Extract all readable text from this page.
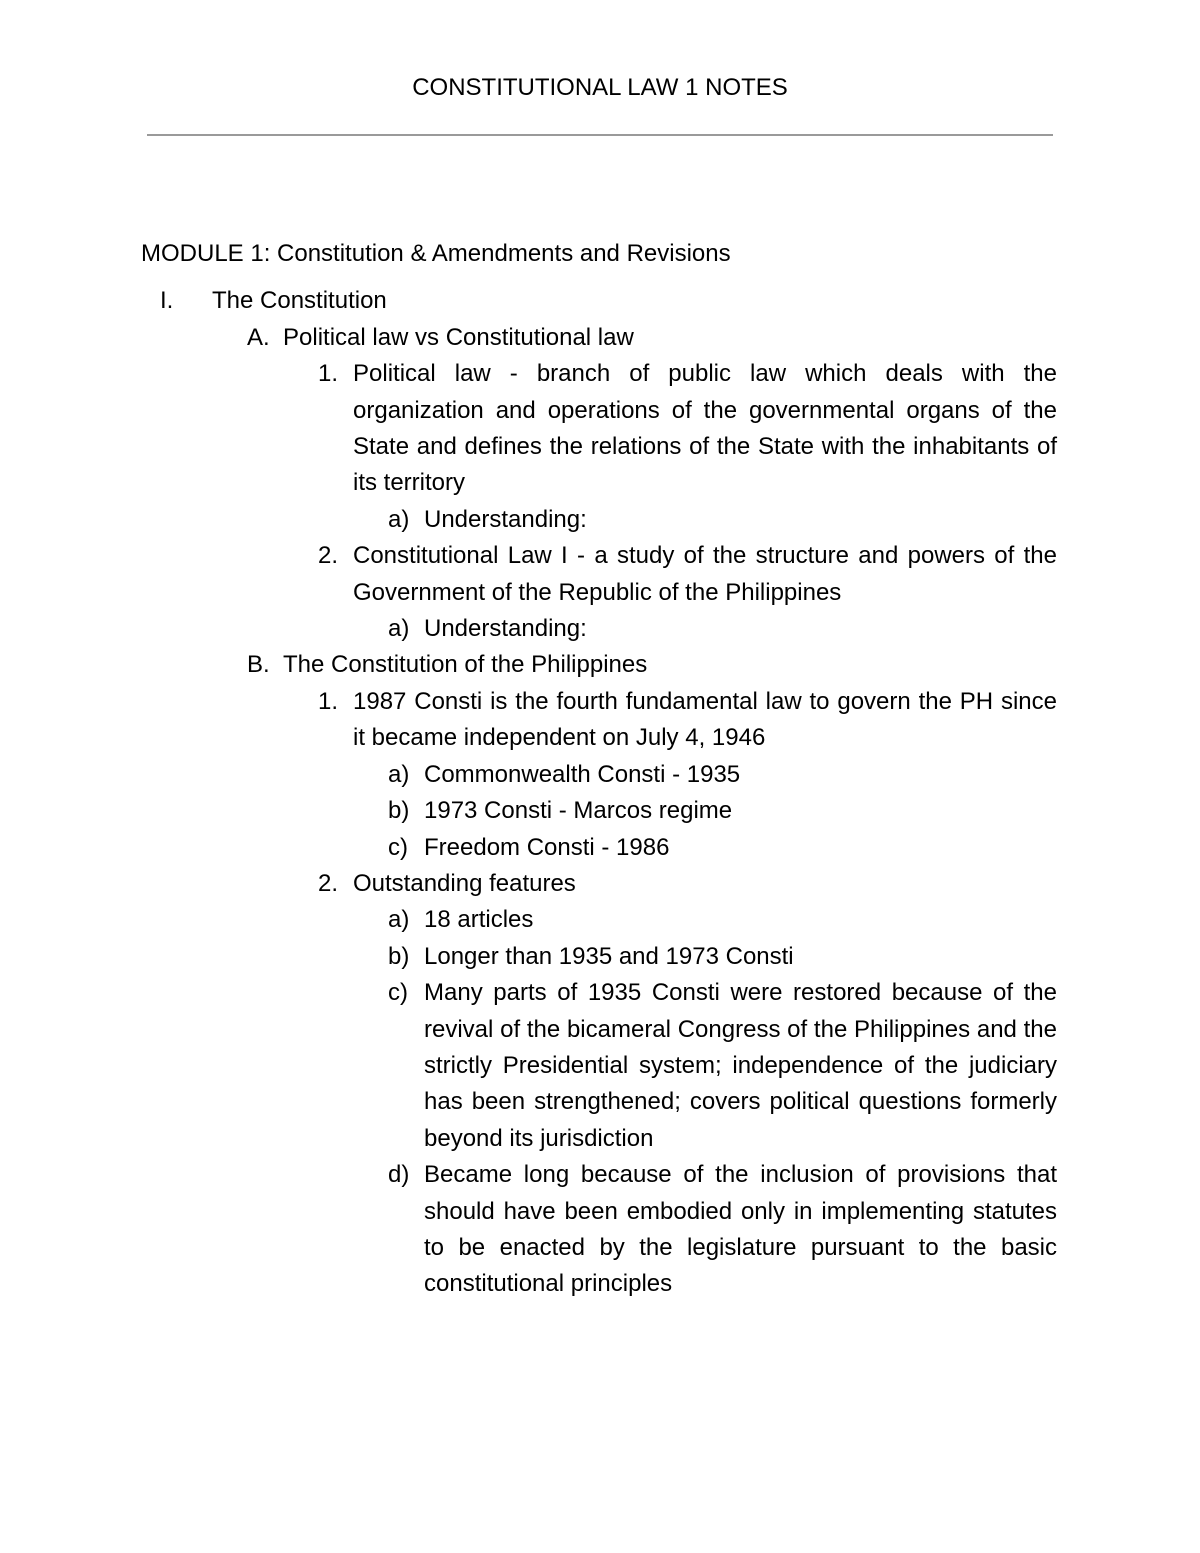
CONSTITUTIONAL LAW 1 NOTES
MODULE 1: Constitution & Amendments and Revisions
I. The Constitution
A. Political law vs Constitutional law
1. Political law - branch of public law which deals with the organization and operations of the governmental organs of the State and defines the relations of the State with the inhabitants of its territory
a) Understanding:
2. Constitutional Law I - a study of the structure and powers of the Government of the Republic of the Philippines
a) Understanding:
B. The Constitution of the Philippines
1. 1987 Consti is the fourth fundamental law to govern the PH since it became independent on July 4, 1946
a) Commonwealth Consti - 1935
b) 1973 Consti - Marcos regime
c) Freedom Consti - 1986
2. Outstanding features
a) 18 articles
b) Longer than 1935 and 1973 Consti
c) Many parts of 1935 Consti were restored because of the revival of the bicameral Congress of the Philippines and the strictly Presidential system; independence of the judiciary has been strengthened; covers political questions formerly beyond its jurisdiction
d) Became long because of the inclusion of provisions that should have been embodied only in implementing statutes to be enacted by the legislature pursuant to the basic constitutional principles
